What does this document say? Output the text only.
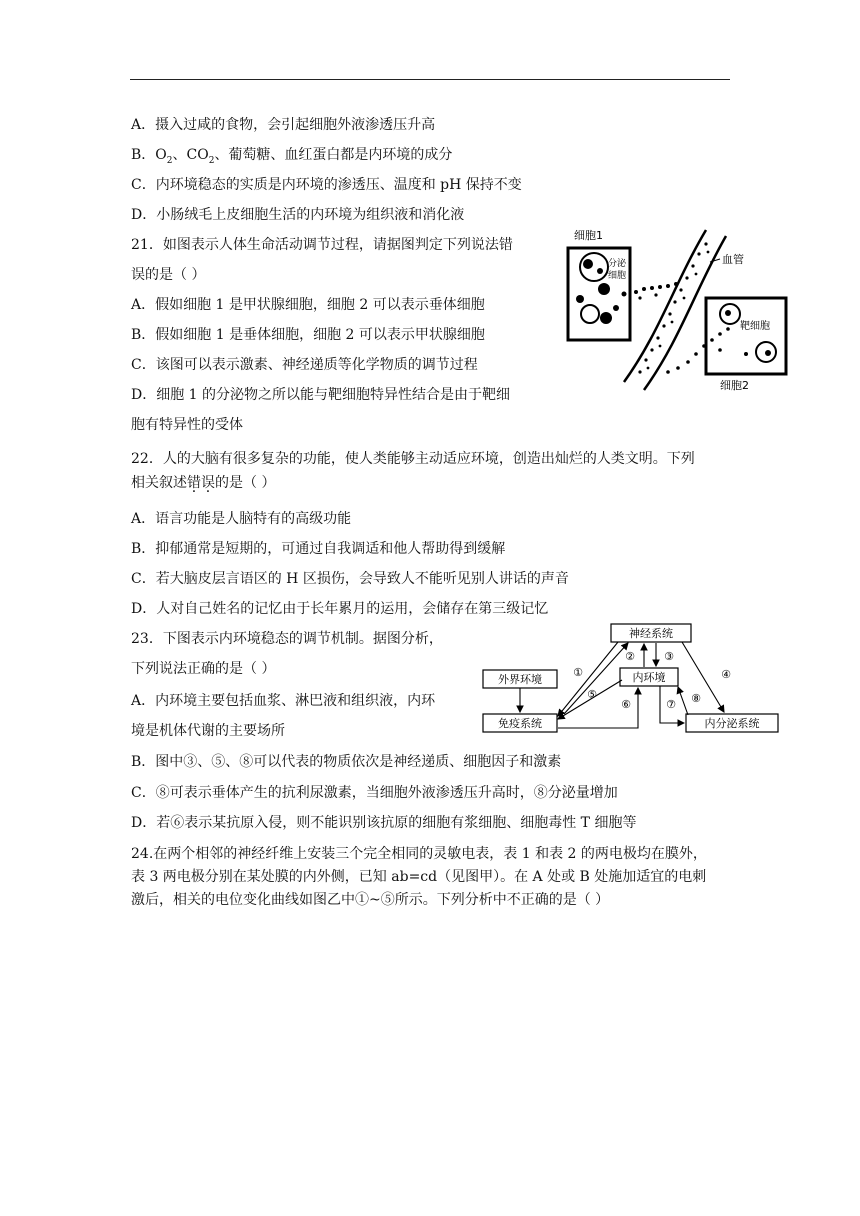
A．摄入过咸的食物，会引起细胞外液渗透压升高
B．$O_2$、$CO_2$、葡萄糖、血红蛋白都是内环境的成分
C．内环境稳态的实质是内环境的渗透压、温度和 pH 保持不变
D．小肠绒毛上皮细胞生活的内环境为组织液和消化液
21．如图表示人体生命活动调节过程，请据图判定下列说法错
误的是（ ）
A．假如细胞 1 是甲状腺细胞，细胞 2 可以表示垂体细胞
B．假如细胞 1 是垂体细胞，细胞 2 可以表示甲状腺细胞
C．该图可以表示激素、神经递质等化学物质的调节过程
D．细胞 1 的分泌物之所以能与靶细胞特异性结合是由于靶细
胞有特异性的受体
细胞1
分泌
细胞
血管
靶细胞
细胞2
22．人的大脑有很多复杂的功能，使人类能够主动适应环境，创造出灿烂的人类文明。下列
相关叙述错误的是（ ）
A．语言功能是人脑特有的高级功能
B．抑郁通常是短期的，可通过自我调适和他人帮助得到缓解
C．若大脑皮层言语区的 H 区损伤，会导致人不能听见别人讲话的声音
D．人对自己姓名的记忆由于长年累月的运用，会储存在第三级记忆
23．下图表示内环境稳态的调节机制。据图分析，
下列说法正确的是（ ）
A．内环境主要包括血浆、淋巴液和组织液，内环
境是机体代谢的主要场所
B．图中③、⑤、⑧可以代表的物质依次是神经递质、细胞因子和激素
C．⑧可表示垂体产生的抗利尿激素，当细胞外液渗透压升高时，⑧分泌量增加
D．若⑥表示某抗原入侵，则不能识别该抗原的细胞有浆细胞、细胞毒性 T 细胞等
神经系统
外界环境	内环境
免疫系统	内分泌系统
①
②	③
④
⑤
⑥	⑦ ⑧
24.在两个相邻的神经纤维上安装三个完全相同的灵敏电表，表 1 和表 2 的两电极均在膜外，
表 3 两电极分别在某处膜的内外侧，已知 ab=cd（见图甲）。在 A 处或 B 处施加适宜的电刺
激后，相关的电位变化曲线如图乙中①~⑤所示。下列分析中不正确的是（ ）
